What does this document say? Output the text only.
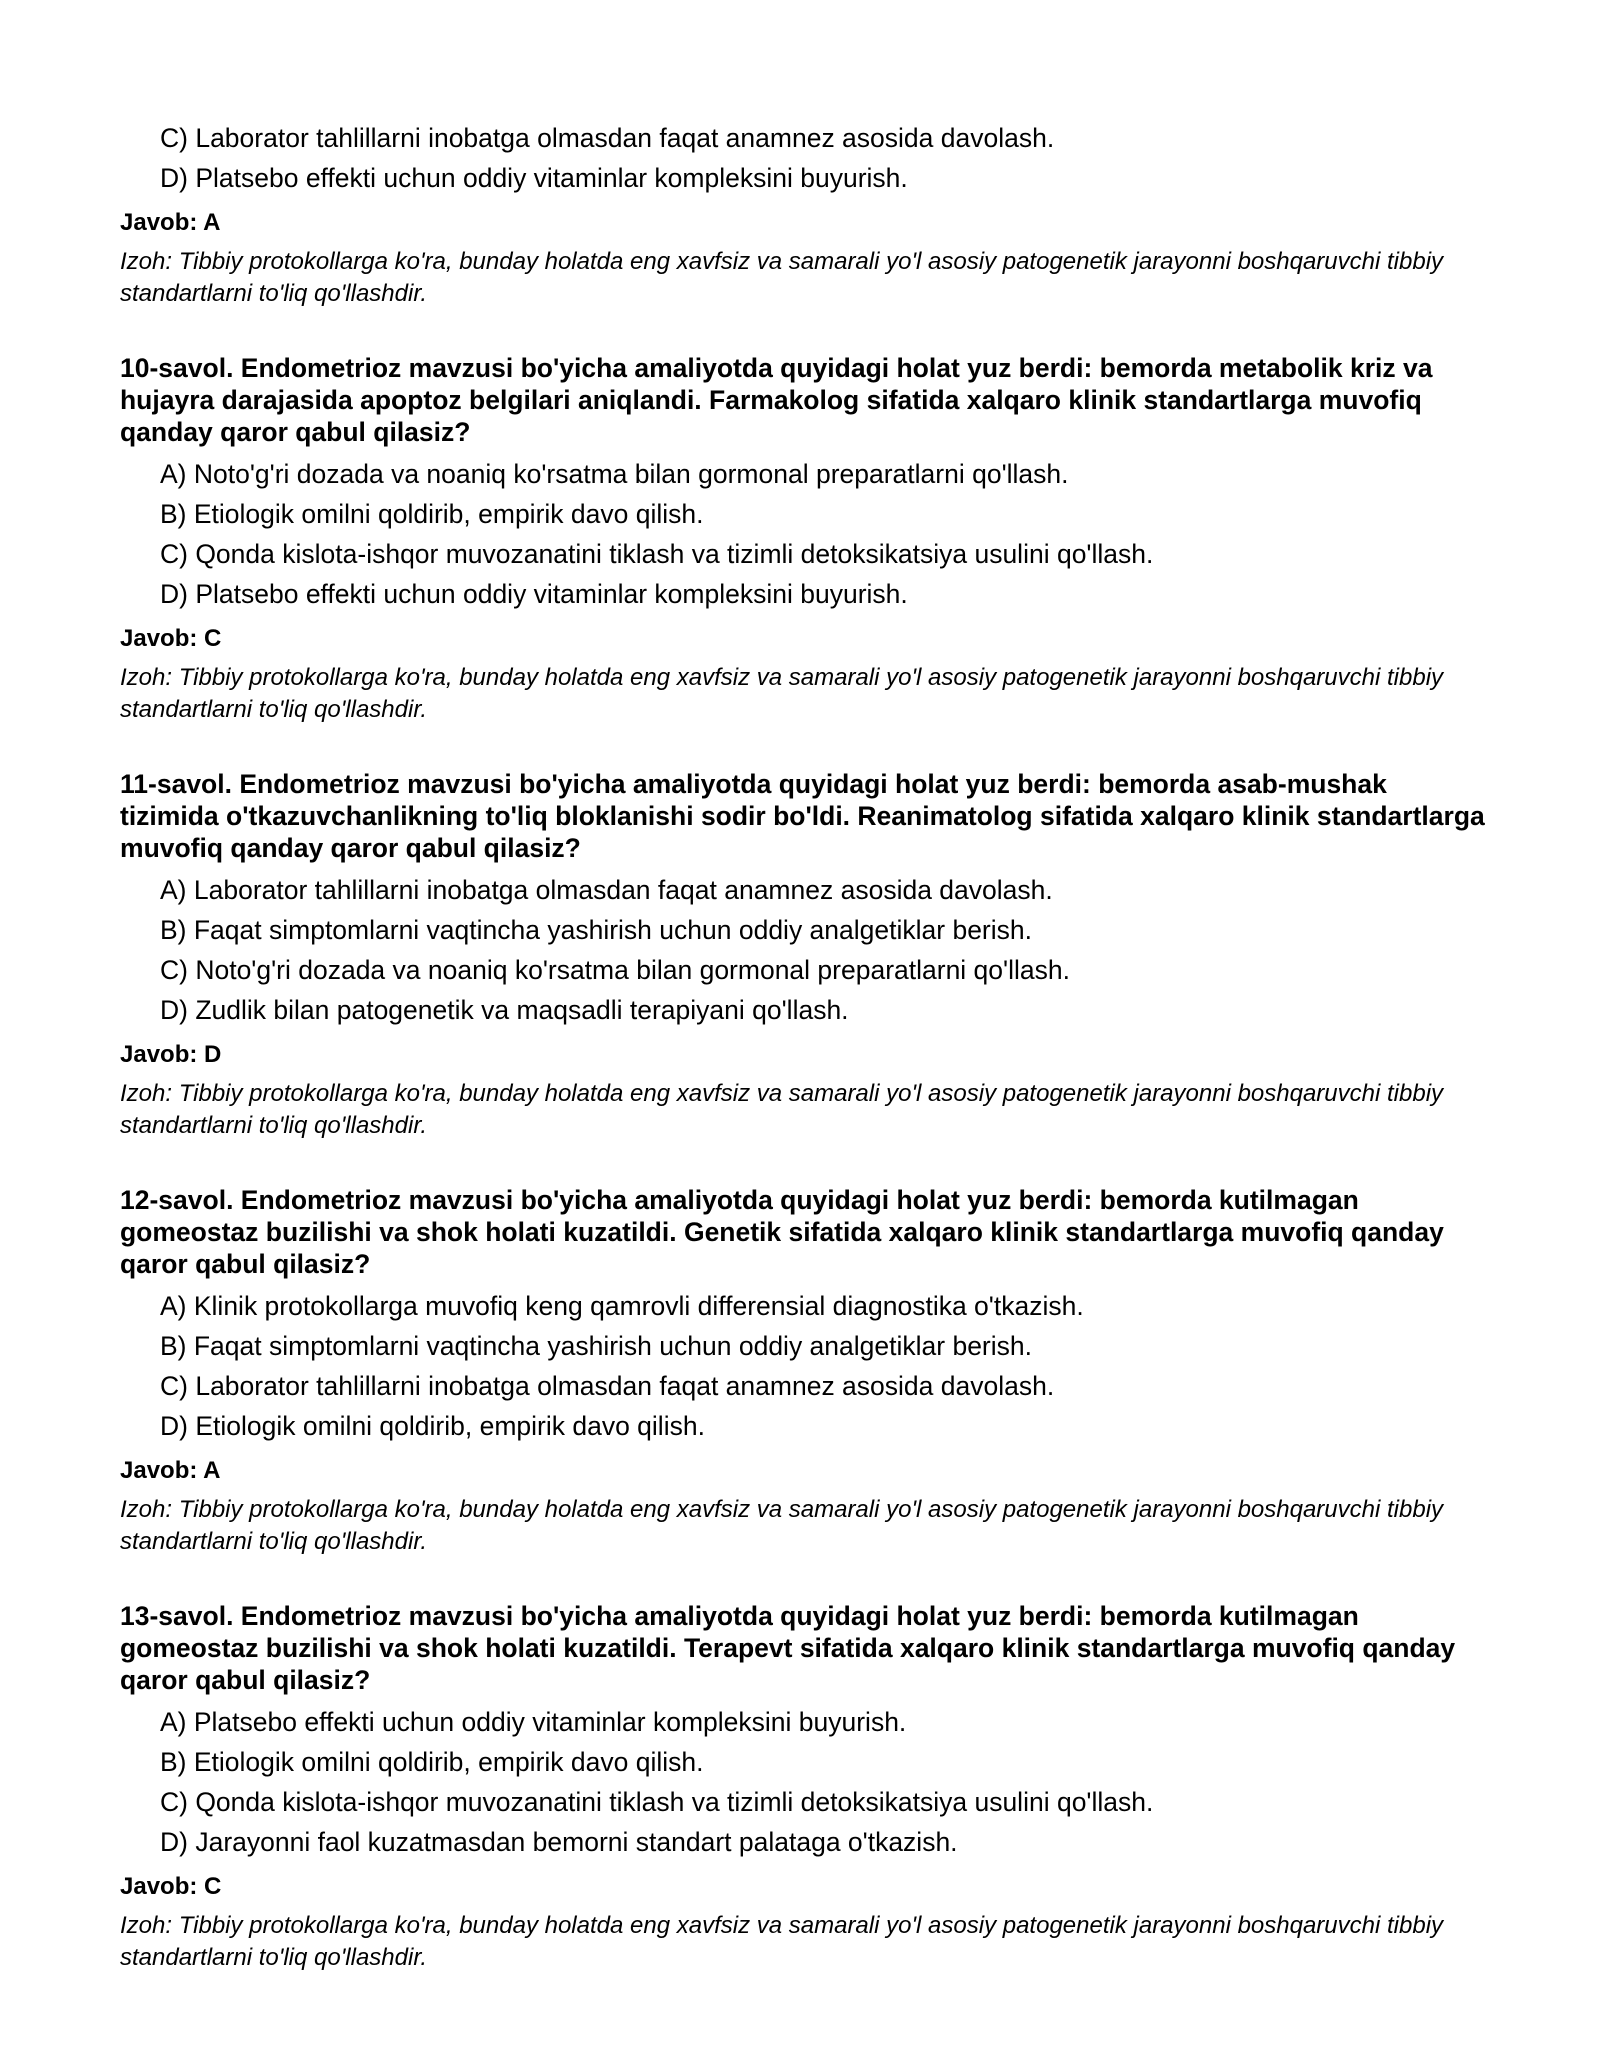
C) Laborator tahlillarni inobatga olmasdan faqat anamnez asosida davolash.
D) Platsebo effekti uchun oddiy vitaminlar kompleksini buyurish.
Javob: A
Izoh: Tibbiy protokollarga ko'ra, bunday holatda eng xavfsiz va samarali yo'l asosiy patogenetik jarayonni boshqaruvchi tibbiy standartlarni to'liq qo'llashdir.
10-savol. Endometrioz mavzusi bo'yicha amaliyotda quyidagi holat yuz berdi: bemorda metabolik kriz va hujayra darajasida apoptoz belgilari aniqlandi. Farmakolog sifatida xalqaro klinik standartlarga muvofiq qanday qaror qabul qilasiz?
A) Noto'g'ri dozada va noaniq ko'rsatma bilan gormonal preparatlarni qo'llash.
B) Etiologik omilni qoldirib, empirik davo qilish.
C) Qonda kislota-ishqor muvozanatini tiklash va tizimli detoksikatsiya usulini qo'llash.
D) Platsebo effekti uchun oddiy vitaminlar kompleksini buyurish.
Javob: C
Izoh: Tibbiy protokollarga ko'ra, bunday holatda eng xavfsiz va samarali yo'l asosiy patogenetik jarayonni boshqaruvchi tibbiy standartlarni to'liq qo'llashdir.
11-savol. Endometrioz mavzusi bo'yicha amaliyotda quyidagi holat yuz berdi: bemorda asab-mushak tizimida o'tkazuvchanlikning to'liq bloklanishi sodir bo'ldi. Reanimatolog sifatida xalqaro klinik standartlarga muvofiq qanday qaror qabul qilasiz?
A) Laborator tahlillarni inobatga olmasdan faqat anamnez asosida davolash.
B) Faqat simptomlarni vaqtincha yashirish uchun oddiy analgetiklar berish.
C) Noto'g'ri dozada va noaniq ko'rsatma bilan gormonal preparatlarni qo'llash.
D) Zudlik bilan patogenetik va maqsadli terapiyani qo'llash.
Javob: D
Izoh: Tibbiy protokollarga ko'ra, bunday holatda eng xavfsiz va samarali yo'l asosiy patogenetik jarayonni boshqaruvchi tibbiy standartlarni to'liq qo'llashdir.
12-savol. Endometrioz mavzusi bo'yicha amaliyotda quyidagi holat yuz berdi: bemorda kutilmagan gomeostaz buzilishi va shok holati kuzatildi. Genetik sifatida xalqaro klinik standartlarga muvofiq qanday qaror qabul qilasiz?
A) Klinik protokollarga muvofiq keng qamrovli differensial diagnostika o'tkazish.
B) Faqat simptomlarni vaqtincha yashirish uchun oddiy analgetiklar berish.
C) Laborator tahlillarni inobatga olmasdan faqat anamnez asosida davolash.
D) Etiologik omilni qoldirib, empirik davo qilish.
Javob: A
Izoh: Tibbiy protokollarga ko'ra, bunday holatda eng xavfsiz va samarali yo'l asosiy patogenetik jarayonni boshqaruvchi tibbiy standartlarni to'liq qo'llashdir.
13-savol. Endometrioz mavzusi bo'yicha amaliyotda quyidagi holat yuz berdi: bemorda kutilmagan gomeostaz buzilishi va shok holati kuzatildi. Terapevt sifatida xalqaro klinik standartlarga muvofiq qanday qaror qabul qilasiz?
A) Platsebo effekti uchun oddiy vitaminlar kompleksini buyurish.
B) Etiologik omilni qoldirib, empirik davo qilish.
C) Qonda kislota-ishqor muvozanatini tiklash va tizimli detoksikatsiya usulini qo'llash.
D) Jarayonni faol kuzatmasdan bemorni standart palataga o'tkazish.
Javob: C
Izoh: Tibbiy protokollarga ko'ra, bunday holatda eng xavfsiz va samarali yo'l asosiy patogenetik jarayonni boshqaruvchi tibbiy standartlarni to'liq qo'llashdir.
